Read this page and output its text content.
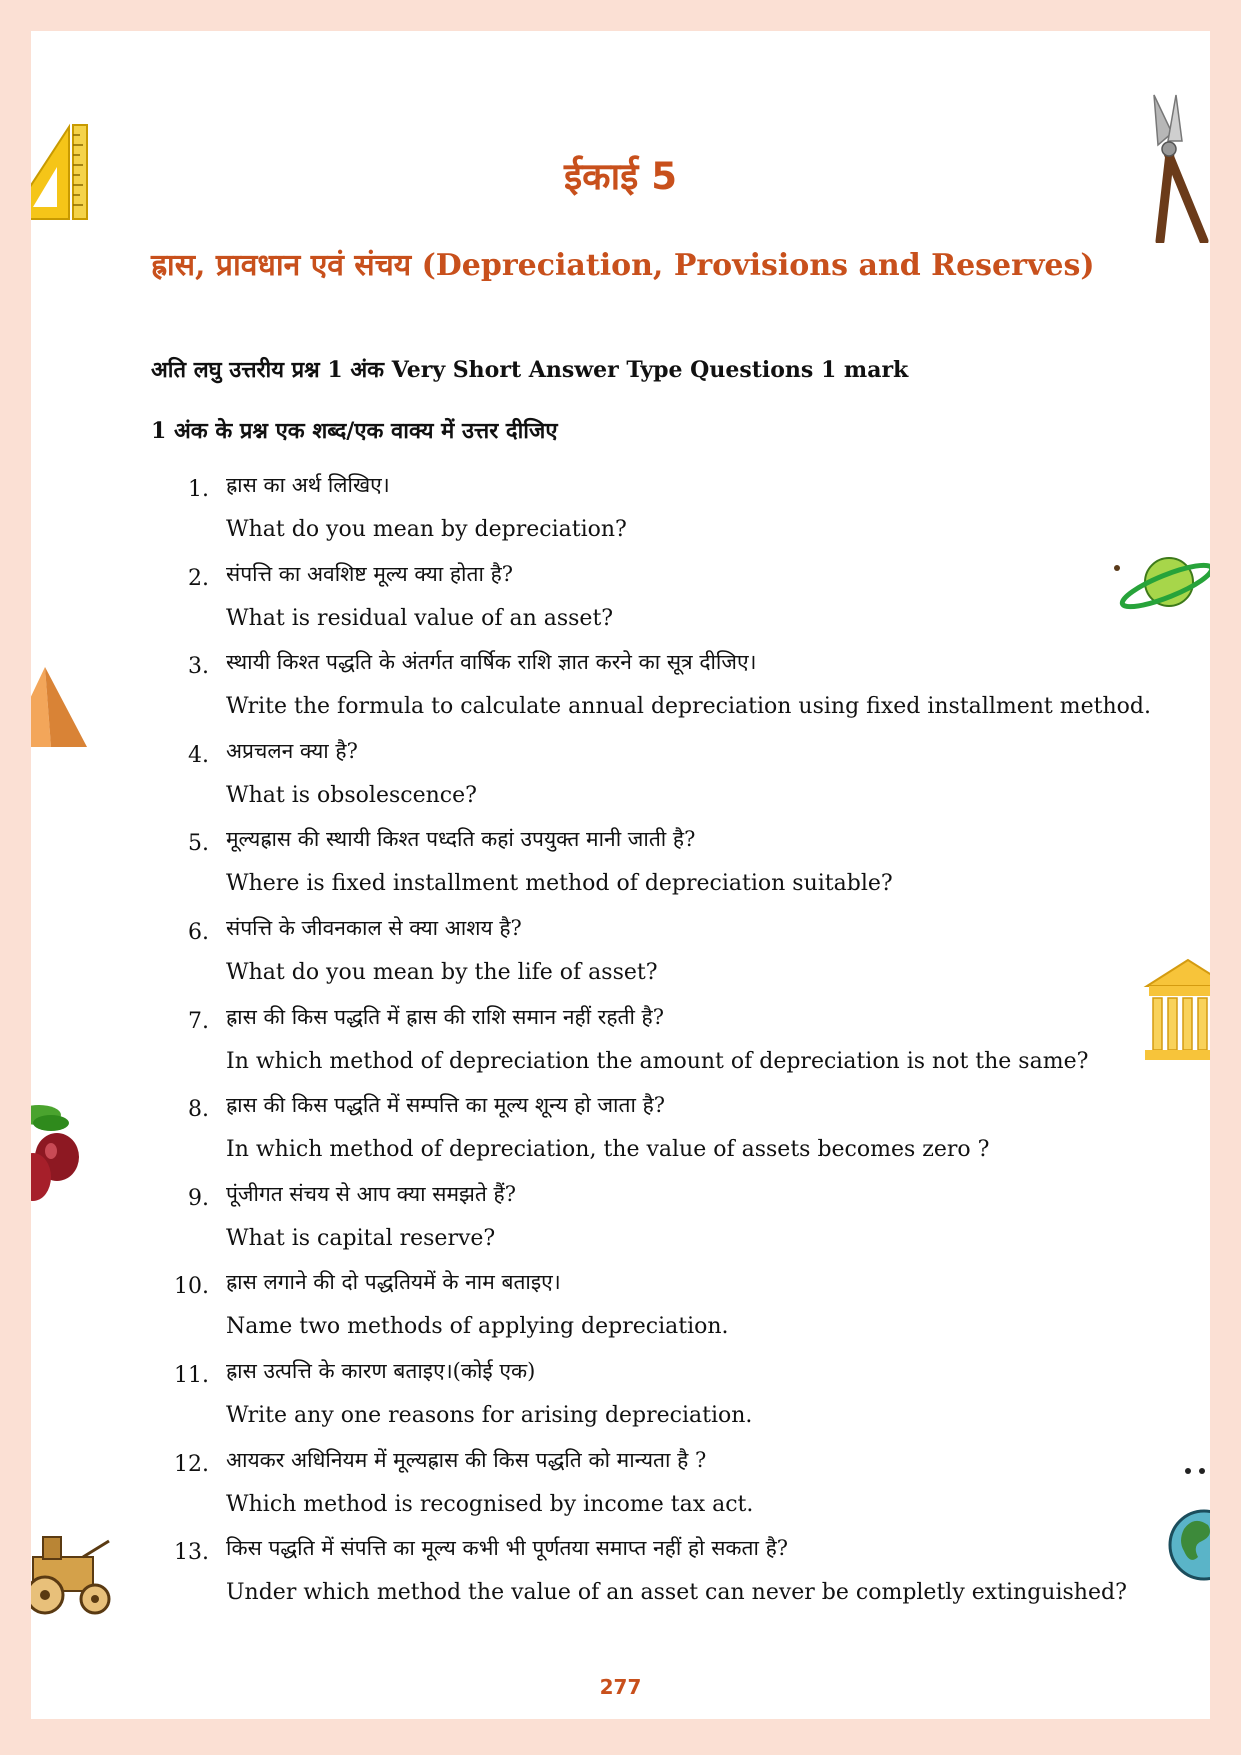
ईकाई 5
ह्रास, प्रावधान एवं संचय (Depreciation, Provisions and Reserves)
अति लघु उत्तरीय प्रश्न 1 अंक Very Short Answer Type Questions 1 mark
1 अंक के प्रश्न एक शब्द/एक वाक्य में उत्तर दीजिए
1. ह्रास का अर्थ लिखिए।
What do you mean by depreciation?
2. संपत्ति का अवशिष्ट मूल्य क्या होता है?
What is residual value of an asset?
3. स्थायी किश्त पद्धति के अंतर्गत वार्षिक राशि ज्ञात करने का सूत्र दीजिए।
Write the formula to calculate annual depreciation using fixed installment method.
4. अप्रचलन क्या है?
What is obsolescence?
5. मूल्यह्रास की स्थायी किश्त पध्दति कहां उपयुक्त मानी जाती है?
Where is fixed installment method of depreciation suitable?
6. संपत्ति के जीवनकाल से क्या आशय है?
What do you mean by the life of asset?
7. ह्रास की किस पद्धति में ह्रास की राशि समान नहीं रहती है?
In which method of depreciation the amount of depreciation is not the same?
8. ह्रास की किस पद्धति में सम्पत्ति का मूल्य शून्य हो जाता है?
In which method of depreciation, the value of assets becomes zero ?
9. पूंजीगत संचय से आप क्या समझते हैं?
What is capital reserve?
10. ह्रास लगाने की दो पद्धतियमें के नाम बताइए।
Name two methods of applying depreciation.
11. ह्रास उत्पत्ति के कारण बताइए।(कोई एक)
Write any one reasons for arising depreciation.
12. आयकर अधिनियम में मूल्यह्रास की किस पद्धति को मान्यता है ?
Which method is recognised by income tax act.
13. किस पद्धति में संपत्ति का मूल्य कभी भी पूर्णतया समाप्त नहीं हो सकता है?
Under which method the value of an asset can never be completly extinguished?
277
